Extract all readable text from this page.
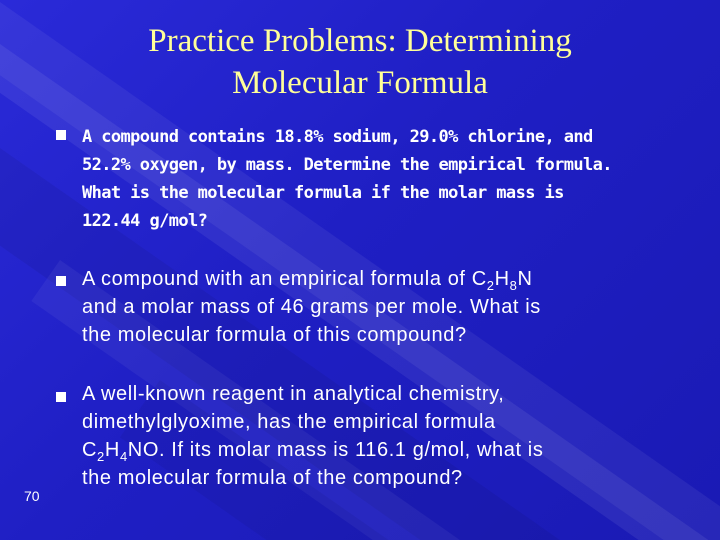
Practice Problems: Determining
Molecular Formula
A compound contains 18.8% sodium, 29.0% chlorine, and
52.2% oxygen, by mass. Determine the empirical formula.
What is the molecular formula if the molar mass is
122.44 g/mol?
A compound with an empirical formula of $C_2H_8N$
and a molar mass of 46 grams per mole. What is
the molecular formula of this compound?
A well-known reagent in analytical chemistry,
dimethylglyoxime, has the empirical formula
$C_2H_4NO$. If its molar mass is 116.1 g/mol, what is
the molecular formula of the compound?
70
